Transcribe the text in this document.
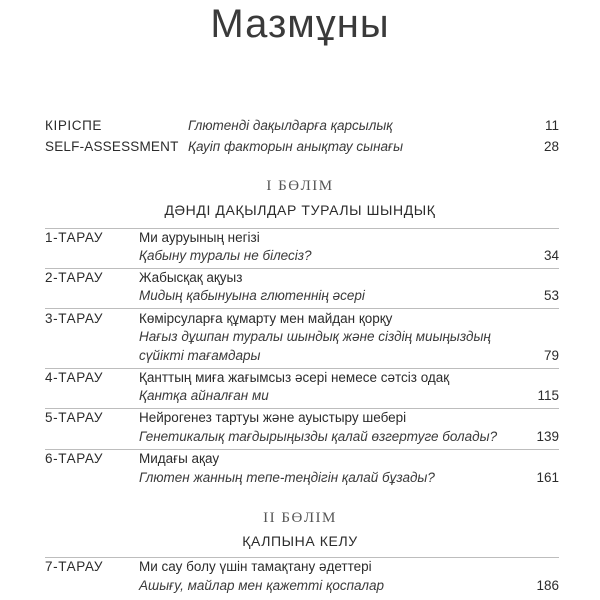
Мазмұны
КІРІСПЕ	Глютенді дақылдарға қарсылық	11
SELF-ASSESSMENT Қауіп факторын анықтау сынағы	28
І БӨЛІМ
ДӘНДІ ДАҚЫЛДАР ТУРАЛЫ ШЫНДЫҚ
1-ТАРАУ	Ми ауруының негізі
Қабыну туралы не білесіз?	34
2-ТАРАУ	Жабысқақ ақуыз
Мидың қабынуына глютеннің әсері	53
3-ТАРАУ	Көмірсуларға құмарту мен майдан қорқу
Нағыз дұшпан туралы шындық және сіздің миыңыздың
сүйікті тағамдары	79
4-ТАРАУ	Қанттың миға жағымсыз әсері немесе сәтсіз одақ
Қантқа айналған ми	115
5-ТАРАУ	Нейрогенез тартуы және ауыстыру шебері
Генетикалық тағдырыңызды қалай өзгертуге болады?	139
6-ТАРАУ	Мидағы ақау
Глютен жанның тепе-теңдігін қалай бұзады?	161
ІІ БӨЛІМ
ҚАЛПЫНА КЕЛУ
7-ТАРАУ	Ми сау болу үшін тамақтану әдеттері
Ашығу, майлар мен қажетті қоспалар	186
